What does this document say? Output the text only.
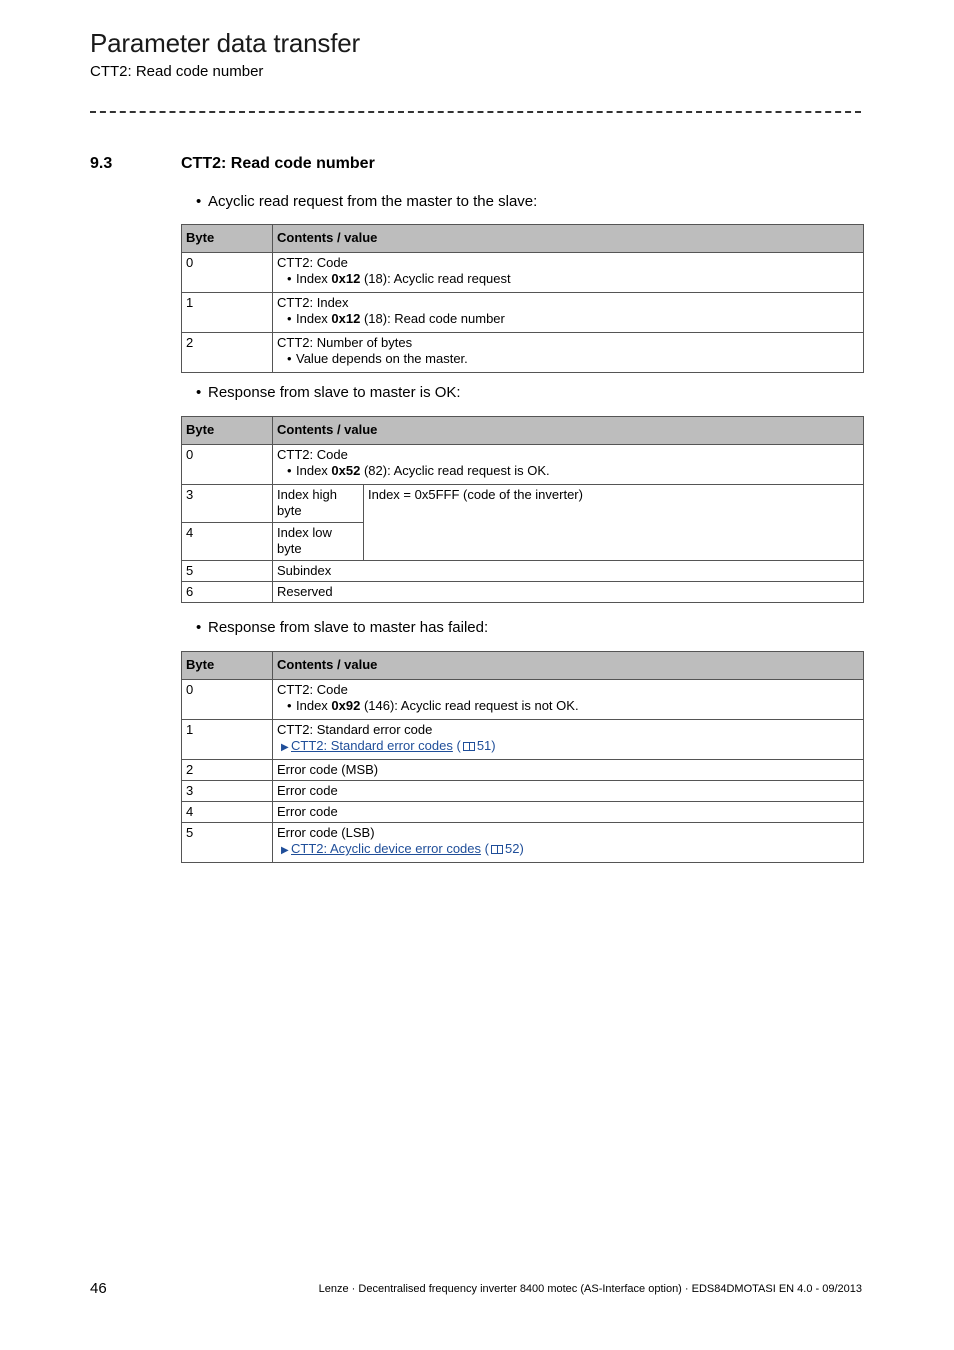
Parameter data transfer
CTT2: Read code number
9.3	CTT2: Read code number
• Acyclic read request from the master to the slave:
Byte	Contents / value
0	CTT2: Code
• Index 0x12 (18): Acyclic read request

1	CTT2: Index
• Index 0x12 (18): Read code number

2	CTT2: Number of bytes
• Value depends on the master.
• Response from slave to master is OK:
Byte	Contents / value	
0	CTT2: Code
• Index 0x52 (82): Acyclic read request is OK.	

3	Index high byte	Index = 0x5FFF (code of the inverter)
4	Index low byte	
5	Subindex	
6	Reserved	
• Response from slave to master has failed:
Byte	Contents / value
0	CTT2: Code
• Index 0x92 (146): Acyclic read request is not OK.

1	CTT2: Standard error code
▶ CTT2: Standard error codes ( 51)

2	Error code (MSB)
3	Error code
4	Error code
5	Error code (LSB)
▶ CTT2: Acyclic device error codes ( 52)
46	Lenze · Decentralised frequency inverter 8400 motec (AS-Interface option) · EDS84DMOTASI EN 4.0 - 09/2013
